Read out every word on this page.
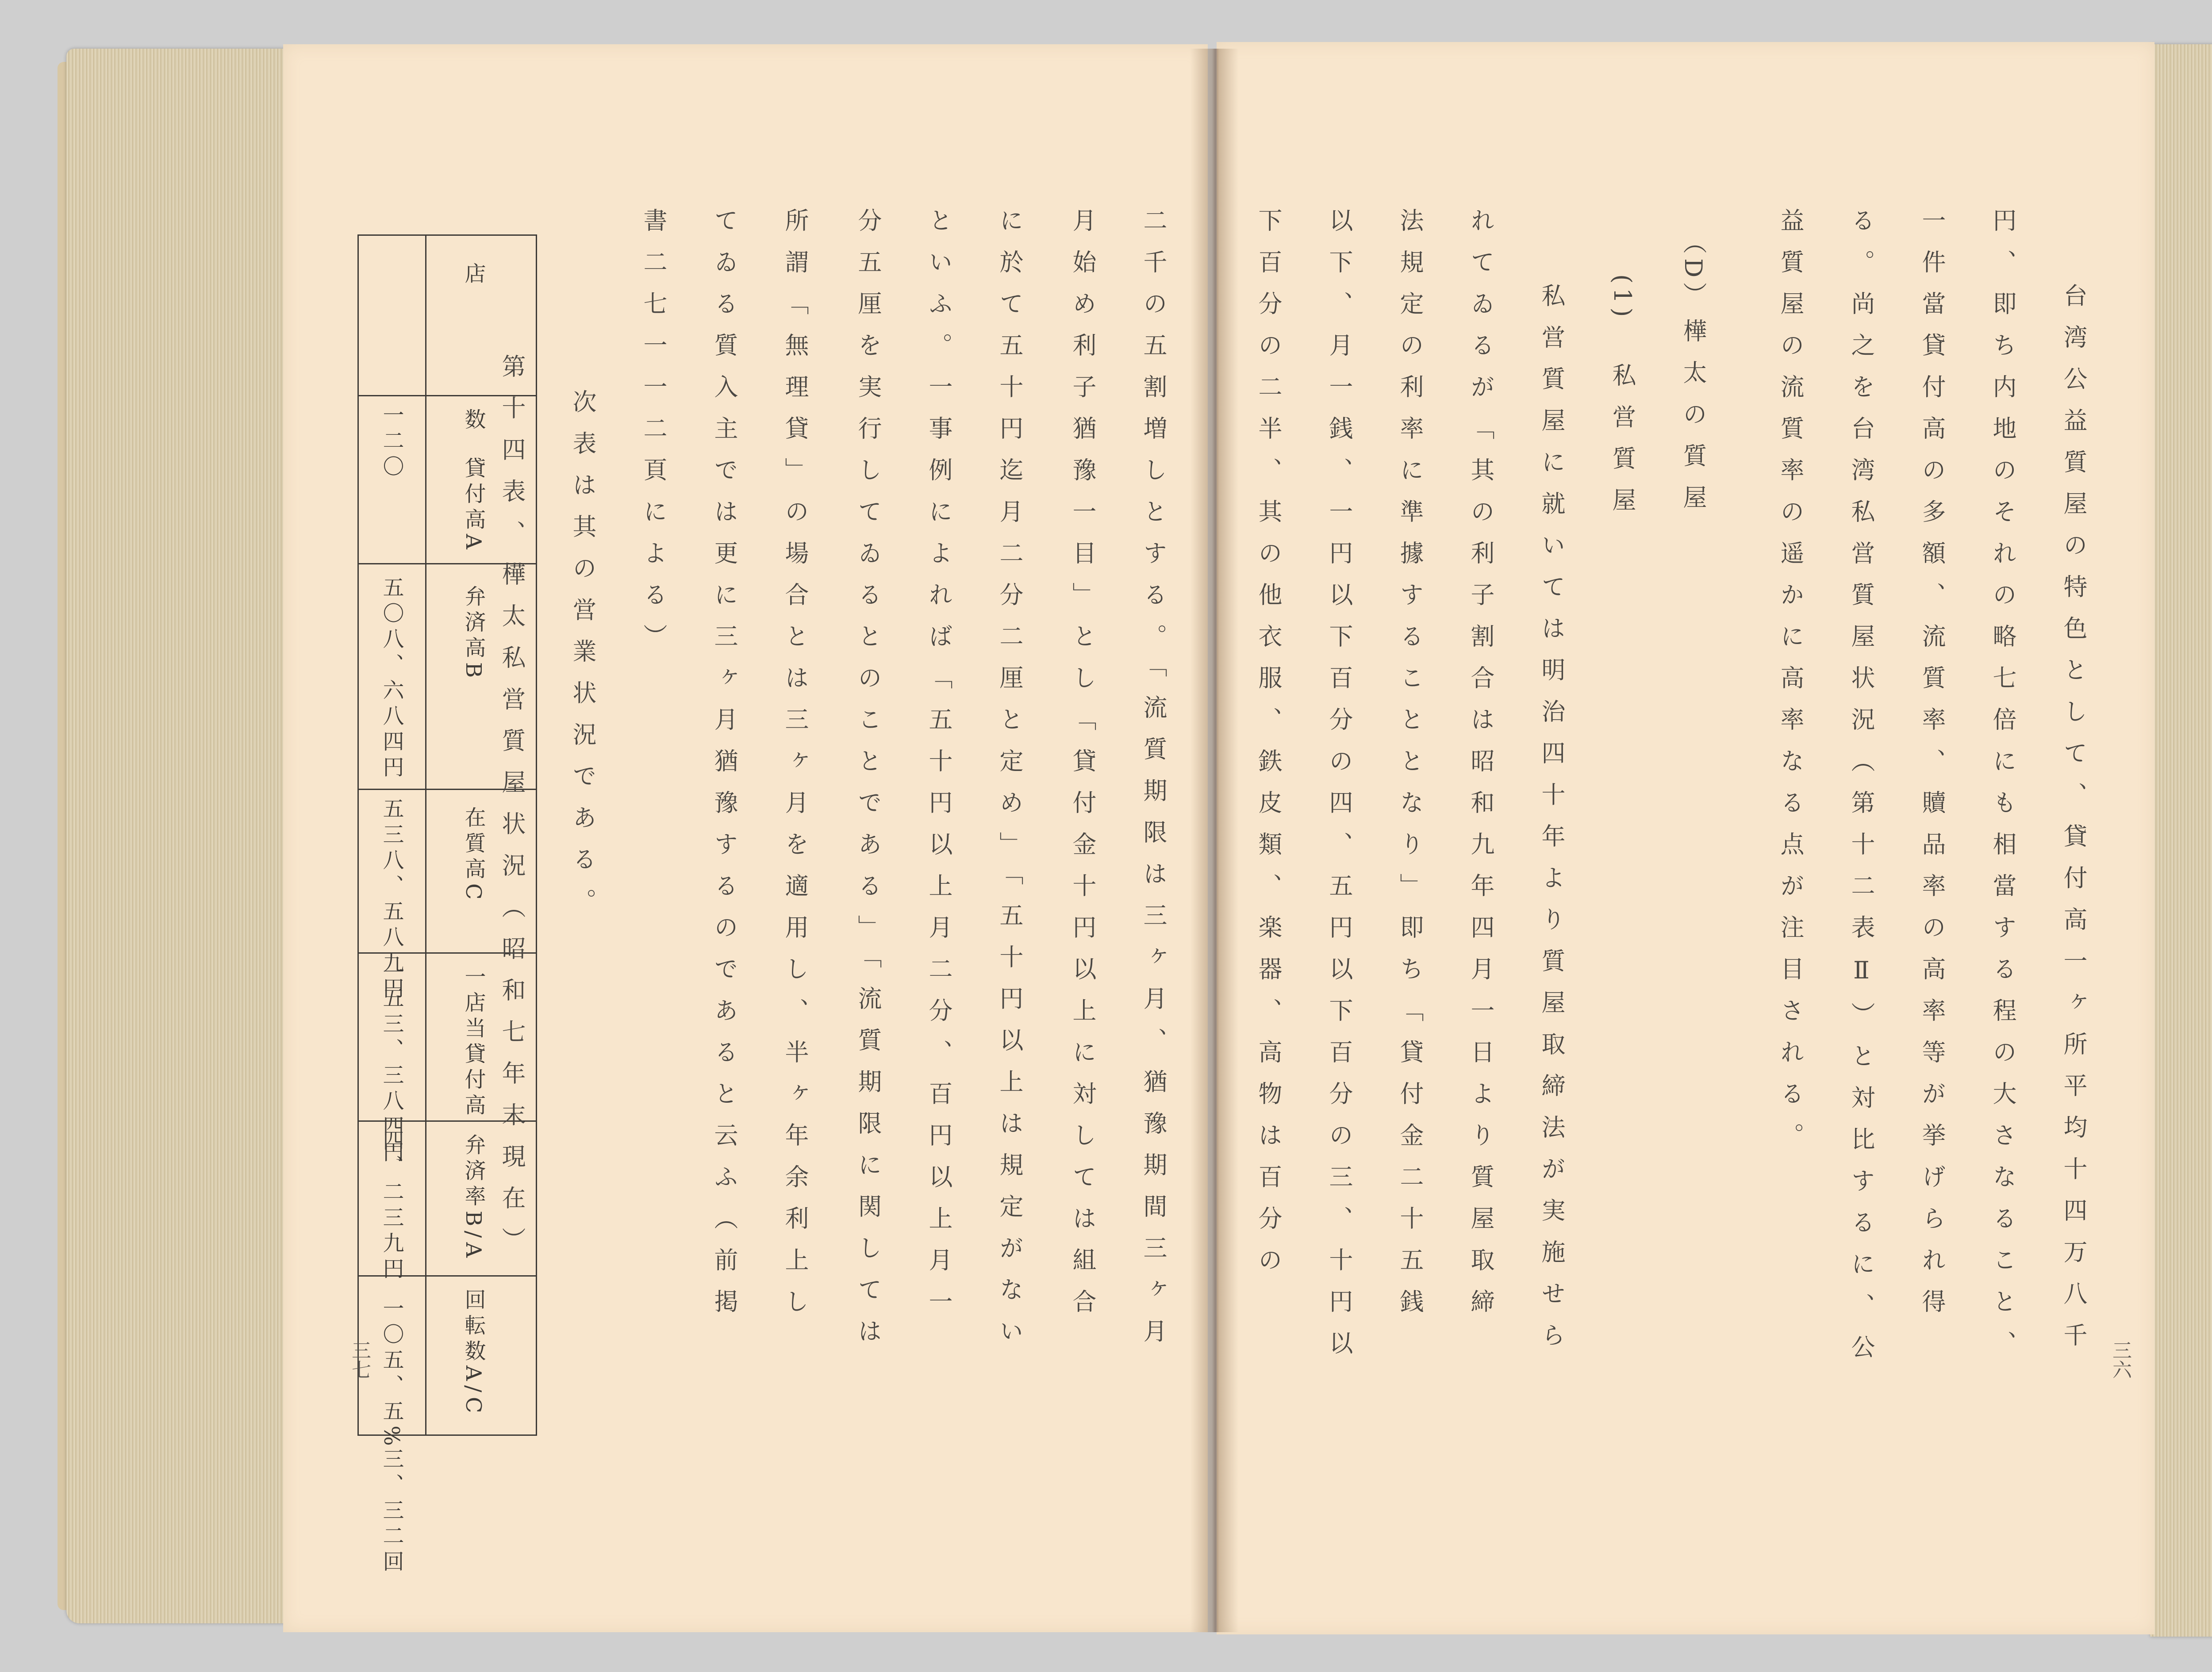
店
数
貸付高A
弁済高B
在質高C
一店当貸付高
弁済率B/A
回転数A/C
一二〇
五〇八、六八四円
五三八、五八九円
一五三、三八四円
四、二三九円
一〇五、五%
三、三二回
二千の五割増しとする。「流質期限は三ヶ月、猶豫期間三ヶ月
月始め利子猶豫一目」とし「貸付金十円以上に対しては組合
に於て五十円迄月二分二厘と定め」「五十円以上は規定がない
といふ。一事例によれば「五十円以上月二分、百円以上月一
分五厘を実行してゐるとのことである」「流質期限に関しては
所謂「無理貸」の場合とは三ヶ月を適用し、半ヶ年余利上し
てゐる質入主では更に三ヶ月猶豫するのであると云ふ（前掲
書二七一一二頁による）
次表は其の営業状況である。
第十四表、樺太私営質屋状況（昭和七年末現在）
三七	台湾公益質屋の特色として、貸付高一ヶ所平均十四万八千
円、即ち内地のそれの略七倍にも相當する程の大さなること、
一件當貸付高の多額、流質率、贖品率の高率等が挙げられ得
る。尚之を台湾私営質屋状況（第十二表Ⅱ）と対比するに、公
益質屋の流質率の遥かに高率なる点が注目される。
（D）
樺太の質屋
(1)
私営質屋
私営質屋に就いては明治四十年より質屋取締法が実施せら
れてゐるが「其の利子割合は昭和九年四月一日より質屋取締
法規定の利率に準據することとなり」即ち「貸付金二十五銭
以下、月一銭、一円以下百分の四、五円以下百分の三、十円以
下百分の二半、其の他衣服、鉄皮類、楽器、高物は百分の
三六
